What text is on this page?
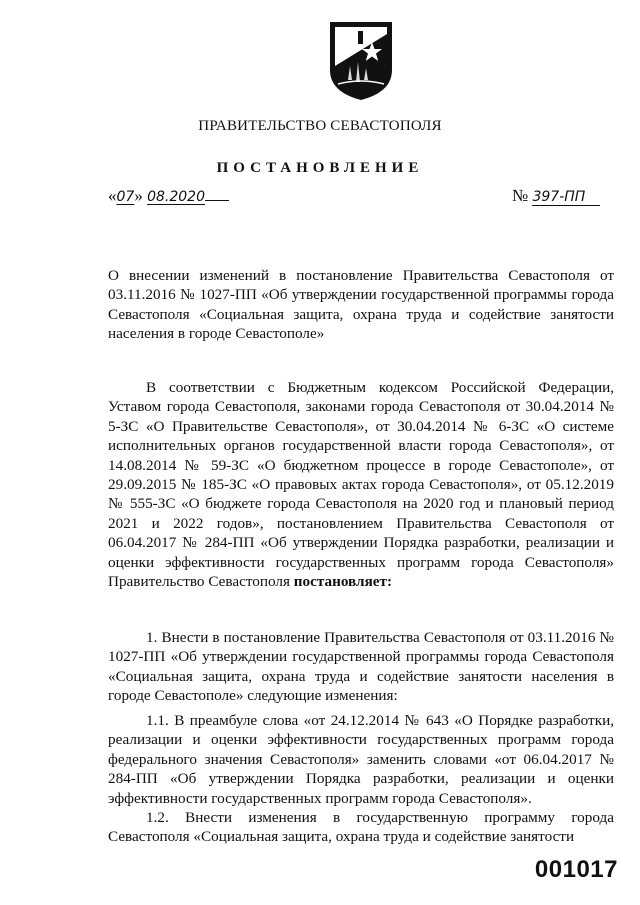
ПРАВИТЕЛЬСТВО СЕВАСТОПОЛЯ
ПОСТАНОВЛЕНИЕ
«07» 08.2020	№ 397-ПП

О внесении изменений в постановление Правительства Севастополя от 03.11.2016 № 1027-ПП «Об утверждении государственной программы города Севастополя «Социальная защита, охрана труда и содействие занятости населения в городе Севастополе»

В соответствии с Бюджетным кодексом Российской Федерации, Уставом города Севастополя, законами города Севастополя от 30.04.2014 № 5-ЗС «О Правительстве Севастополя», от 30.04.2014 № 6-ЗС «О системе исполнительных органов государственной власти города Севастополя», от 14.08.2014 № 59-ЗС «О бюджетном процессе в городе Севастополе», от 29.09.2015 № 185-ЗС «О правовых актах города Севастополя», от 05.12.2019 № 555-ЗС «О бюджете города Севастополя на 2020 год и плановый период 2021 и 2022 годов», постановлением Правительства Севастополя от 06.04.2017 № 284-ПП «Об утверждении Порядка разработки, реализации и оценки эффективности государственных программ города Севастополя» Правительство Севастополя постановляет:

1. Внести в постановление Правительства Севастополя от 03.11.2016 № 1027-ПП «Об утверждении государственной программы города Севастополя «Социальная защита, охрана труда и содействие занятости населения в городе Севастополе» следующие изменения:

1.1. В преамбуле слова «от 24.12.2014 № 643 «О Порядке разработки, реализации и оценки эффективности государственных программ города федерального значения Севастополя» заменить словами «от 06.04.2017 № 284-ПП «Об утверждении Порядка разработки, реализации и оценки эффективности государственных программ города Севастополя».

1.2. Внести изменения в государственную программу города Севастополя «Социальная защита, охрана труда и содействие занятости

001017
